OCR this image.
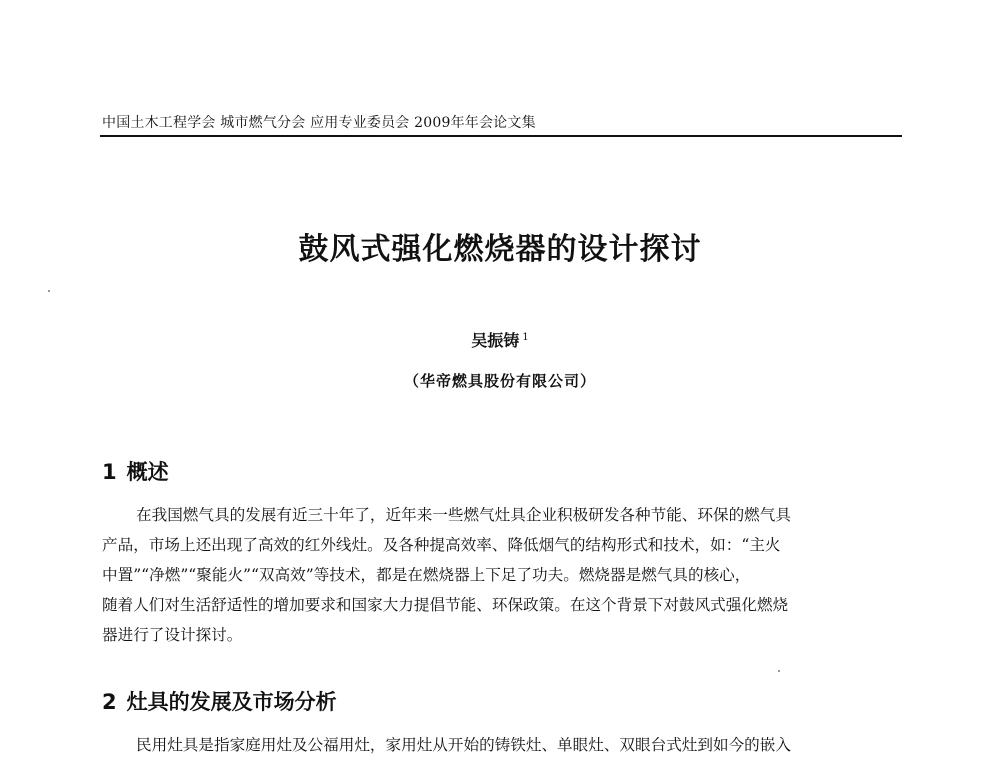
中国土木工程学会 城市燃气分会 应用专业委员会 2009年年会论文集
鼓风式强化燃烧器的设计探讨
吴振铸 $^1$
（华帝燃具股份有限公司）
1 概述
在我国燃气具的发展有近三十年了，近年来一些燃气灶具企业积极研发各种节能、环保的燃气具
产品，市场上还出现了高效的红外线灶。及各种提高效率、降低烟气的结构形式和技术，如：“主火
中置”“净燃”“聚能火”“双高效”等技术，都是在燃烧器上下足了功夫。燃烧器是燃气具的核心，
随着人们对生活舒适性的增加要求和国家大力提倡节能、环保政策。在这个背景下对鼓风式强化燃烧
器进行了设计探讨。
2 灶具的发展及市场分析
民用灶具是指家庭用灶及公福用灶，家用灶从开始的铸铁灶、单眼灶、双眼台式灶到如今的嵌入
